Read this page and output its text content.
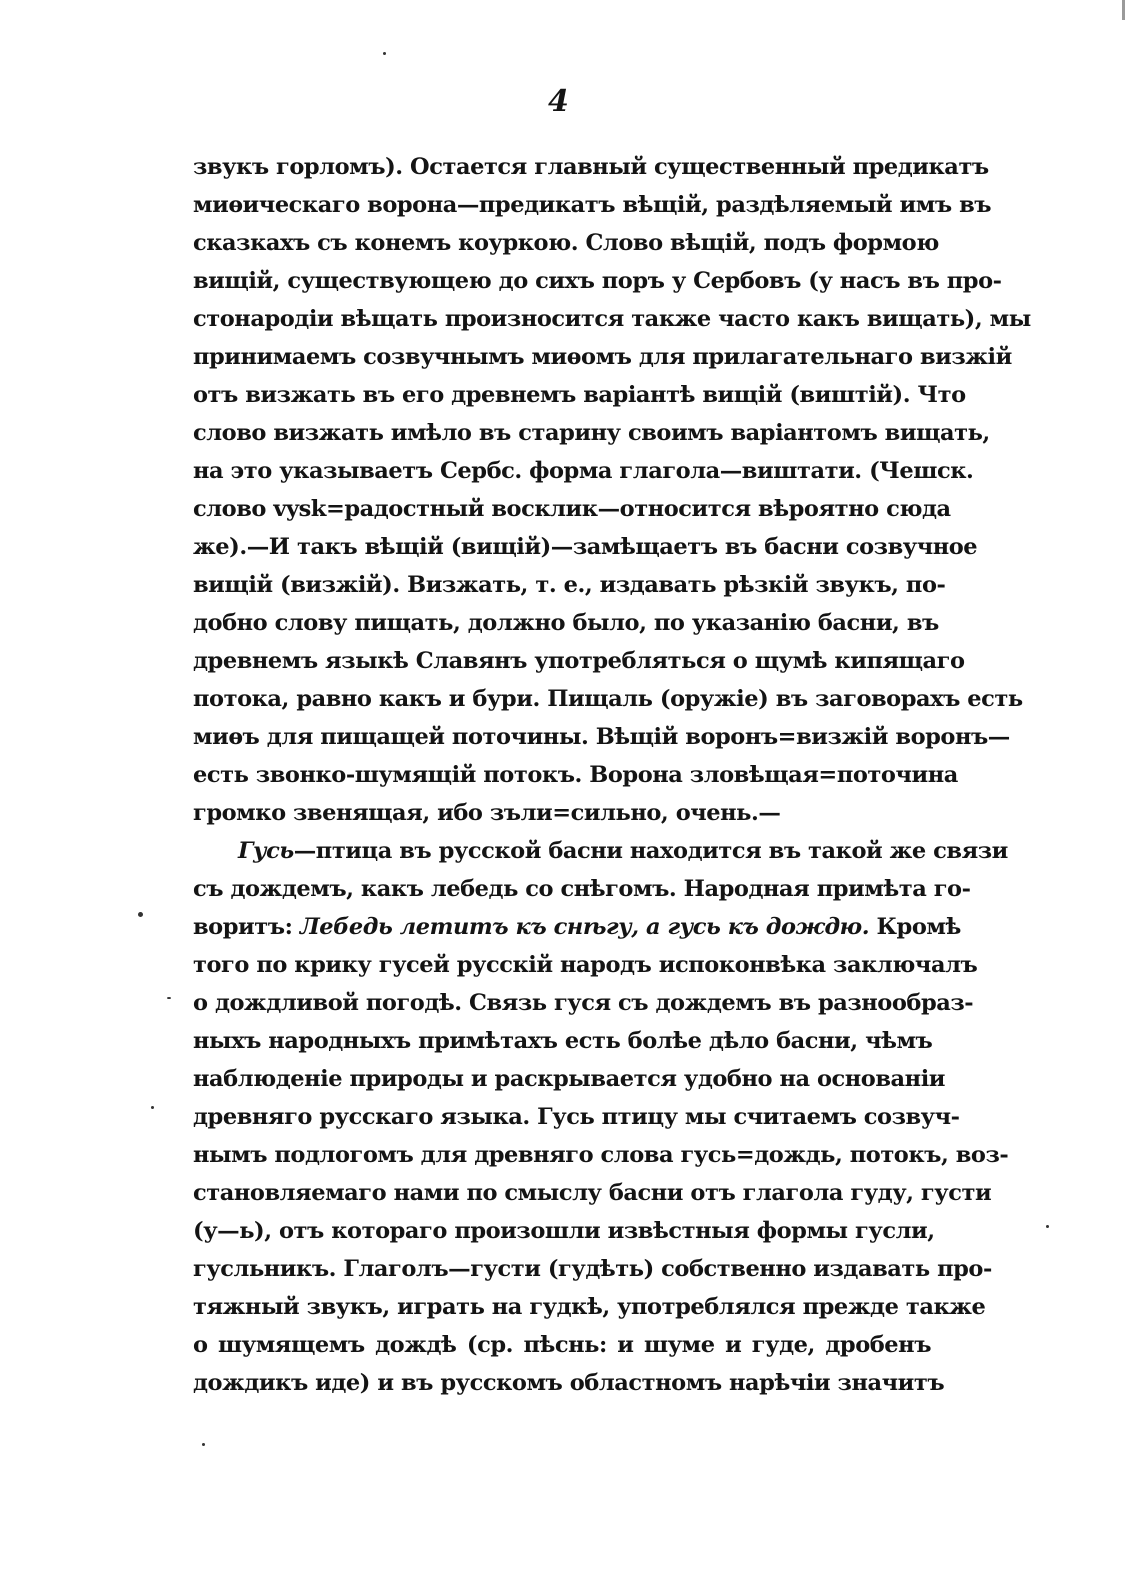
4
звукъ горломъ). Остается главный существенный предикатъ
миѳическаго ворона—предикатъ вѣщій, раздѣляемый имъ въ
сказкахъ съ конемъ коуркою. Слово вѣщій, подъ формою
вищій, существующею до сихъ поръ у Сербовъ (у насъ въ про-
стонародіи вѣщать произносится также часто какъ вищать), мы
принимаемъ созвучнымъ миѳомъ для прилагательнаго визжій
отъ визжать въ его древнемъ варіантѣ вищій (виштій). Что
слово визжать имѣло въ старину своимъ варіантомъ вищать,
на это указываетъ Сербс. форма глагола—виштати. (Чешск.
слово vysk=радостный восклик—относится вѣроятно сюда
же).—И такъ вѣщій (вищій)—замѣщаетъ въ басни созвучное
вищій (визжій). Визжать, т. е., издавать рѣзкій звукъ, по-
добно слову пищать, должно было, по указанію басни, въ
древнемъ языкѣ Славянъ употребляться о щумѣ кипящаго
потока, равно какъ и бури. Пищаль (оружіе) въ заговорахъ есть
миѳъ для пищащей поточины. Вѣщій воронъ=визжій воронъ—
есть звонко-шумящій потокъ. Ворона зловѣщая=поточина
громко звенящая, ибо зъли=сильно, очень.—
Гусь—птица въ русской басни находится въ такой же связи
съ дождемъ, какъ лебедь со снѣгомъ. Народная примѣта го-
воритъ: Лебедь летитъ къ снѣгу, а гусь къ дождю. Кромѣ
того по крику гусей русскій народъ испоконвѣка заключалъ
о дождливой погодѣ. Связь гуся съ дождемъ въ разнообраз-
ныхъ народныхъ примѣтахъ есть болѣе дѣло басни, чѣмъ
наблюденіе природы и раскрывается удобно на основаніи
древняго русскаго языка. Гусь птицу мы считаемъ созвуч-
нымъ подлогомъ для древняго слова гусь=дождь, потокъ, воз-
становляемаго нами по смыслу басни отъ глагола гуду, густи
(у—ь), отъ котораго произошли извѣстныя формы гусли,
гусльникъ. Глаголъ—густи (гудѣть) собственно издавать про-
тяжный звукъ, играть на гудкѣ, употреблялся прежде также
о шумящемъ дождѣ (ср. пѣснь: и шуме и гуде, дробенъ
дождикъ иде) и въ русскомъ областномъ нарѣчіи значитъ
